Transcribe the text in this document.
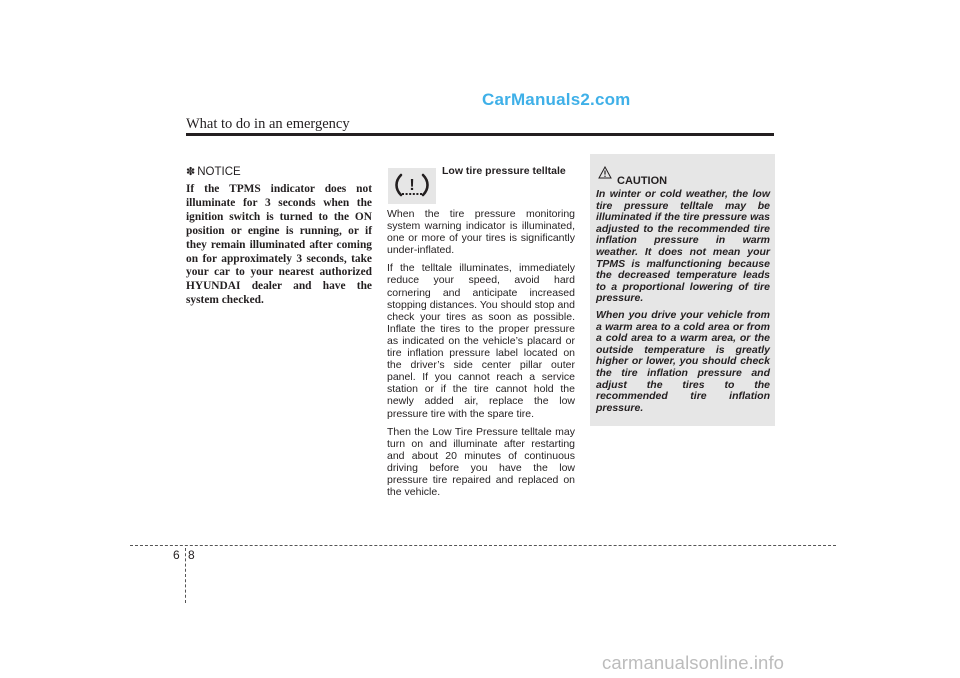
CarManuals2.com
What to do in an emergency

✽ NOTICE

If the TPMS indicator does not illuminate for 3 seconds when the ignition switch is turned to the ON position or engine is running, or if they remain illuminated after coming on for approximately 3 seconds, take your car to your nearest authorized HYUNDAI dealer and have the system checked.

!

Low tire pressure telltale

When the tire pressure monitoring system warning indicator is illuminated, one or more of your tires is significantly under-inflated.

If the telltale illuminates, immediately reduce your speed, avoid hard cornering and anticipate increased stopping distances. You should stop and check your tires as soon as possible. Inflate the tires to the proper pressure as indicated on the vehicle’s placard or tire inflation pressure label located on the driver’s side center pillar outer panel. If you cannot reach a service station or if the tire cannot hold the newly added air, replace the low pressure tire with the spare tire.

Then the Low Tire Pressure telltale may turn on and illuminate after restarting and about 20 minutes of continuous driving before you have the low pressure tire repaired and replaced on the vehicle.

CAUTION

In winter or cold weather, the low tire pressure telltale may be illuminated if the tire pressure was adjusted to the recommended tire inflation pressure in warm weather. It does not mean your TPMS is malfunctioning because the decreased temperature leads to a proportional lowering of tire pressure.

When you drive your vehicle from a warm area to a cold area or from a cold area to a warm area, or the outside temperature is greatly higher or lower, you should check the tire inflation pressure and adjust the tires to the recommended tire inflation pressure.

6 8
carmanualsonline.info
